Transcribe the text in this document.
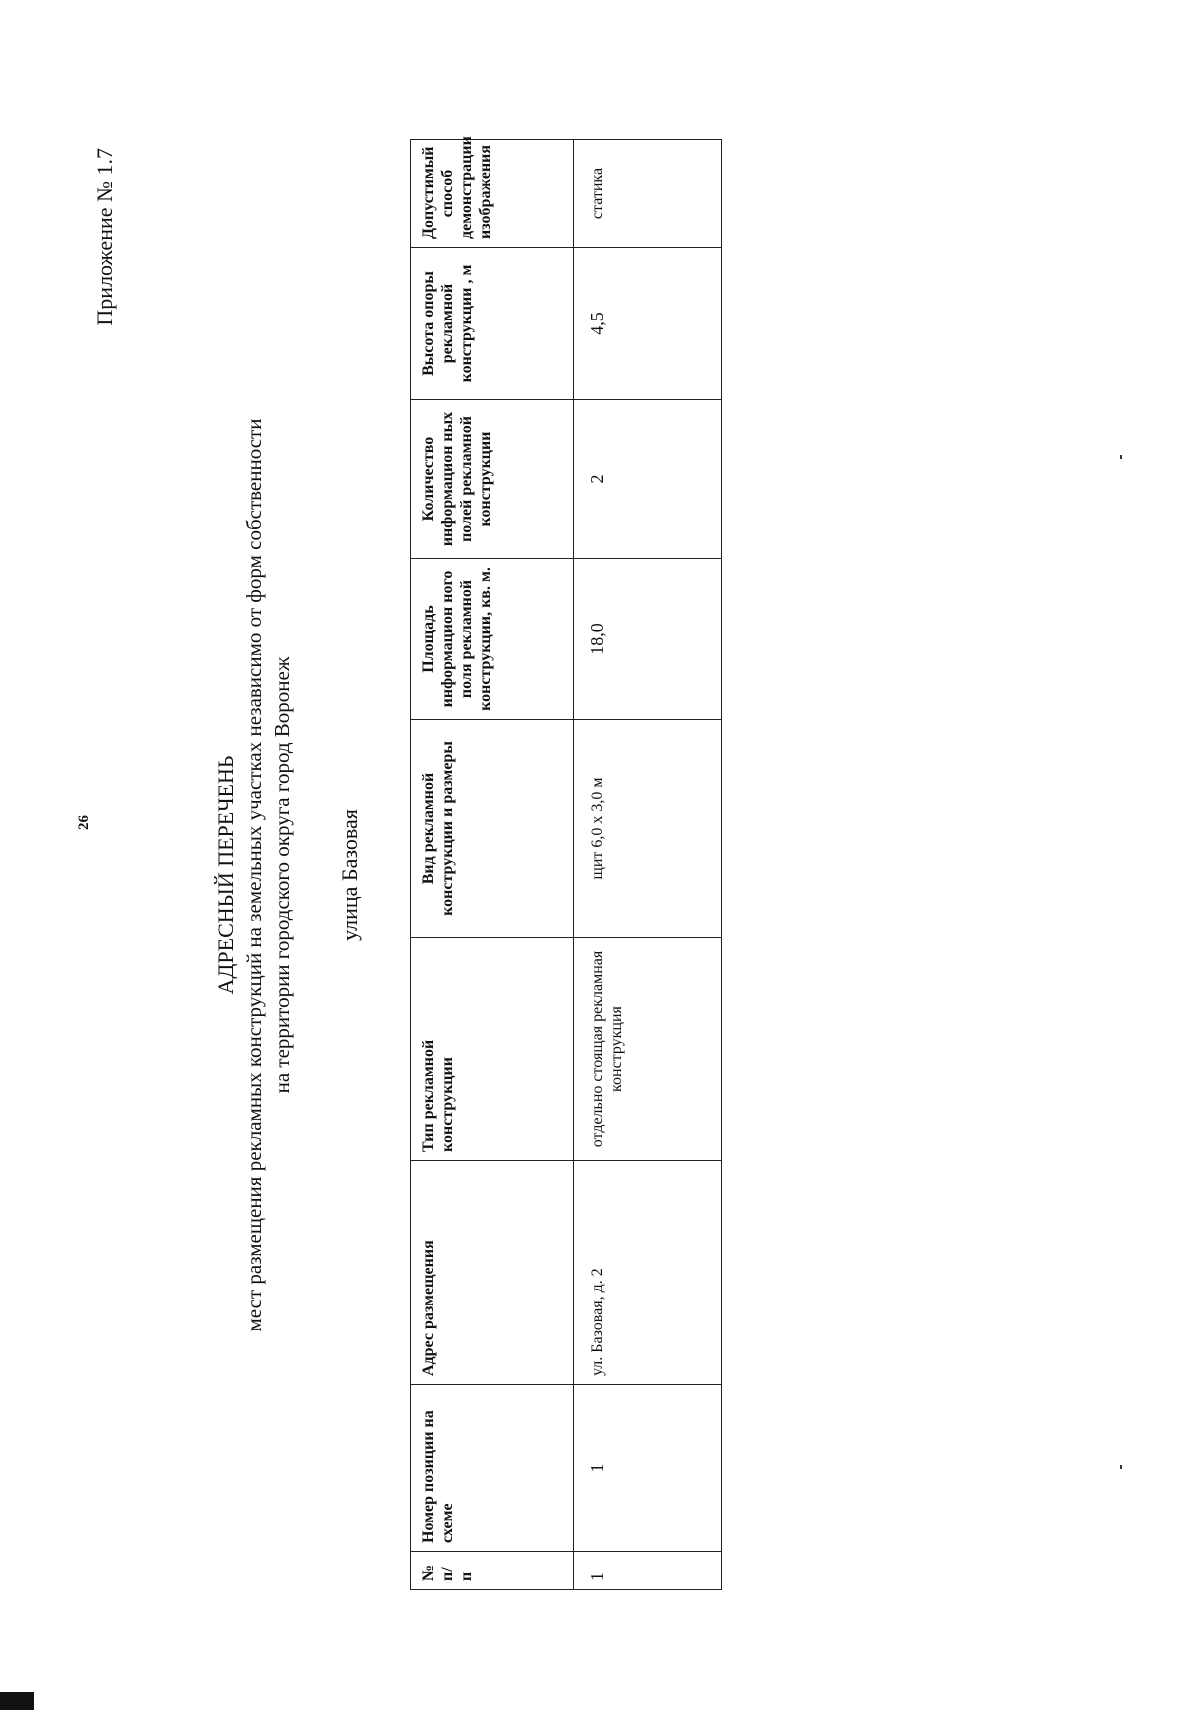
26
Приложение № 1.7
АДРЕСНЫЙ ПЕРЕЧЕНЬ мест размещения рекламных конструкций на земельных участках независимо от форм собственности на территории городского округа город Воронеж улица Базовая
№ п/п	Номер позиции на схеме	Адрес размещения	Тип рекламной конструкции	Вид рекламной конструкции и размеры	Площадь информацион ного поля рекламной конструкции, кв. м.	Количество информацион ных полей рекламной конструкции	Высота опоры рекламной конструкции , м	Допустимый способ демонстрации изображения
1	1	ул. Базовая, д. 2	отдельно стоящая рекламная конструкция	щит 6,0 х 3,0 м	18,0	2	4,5	статика
